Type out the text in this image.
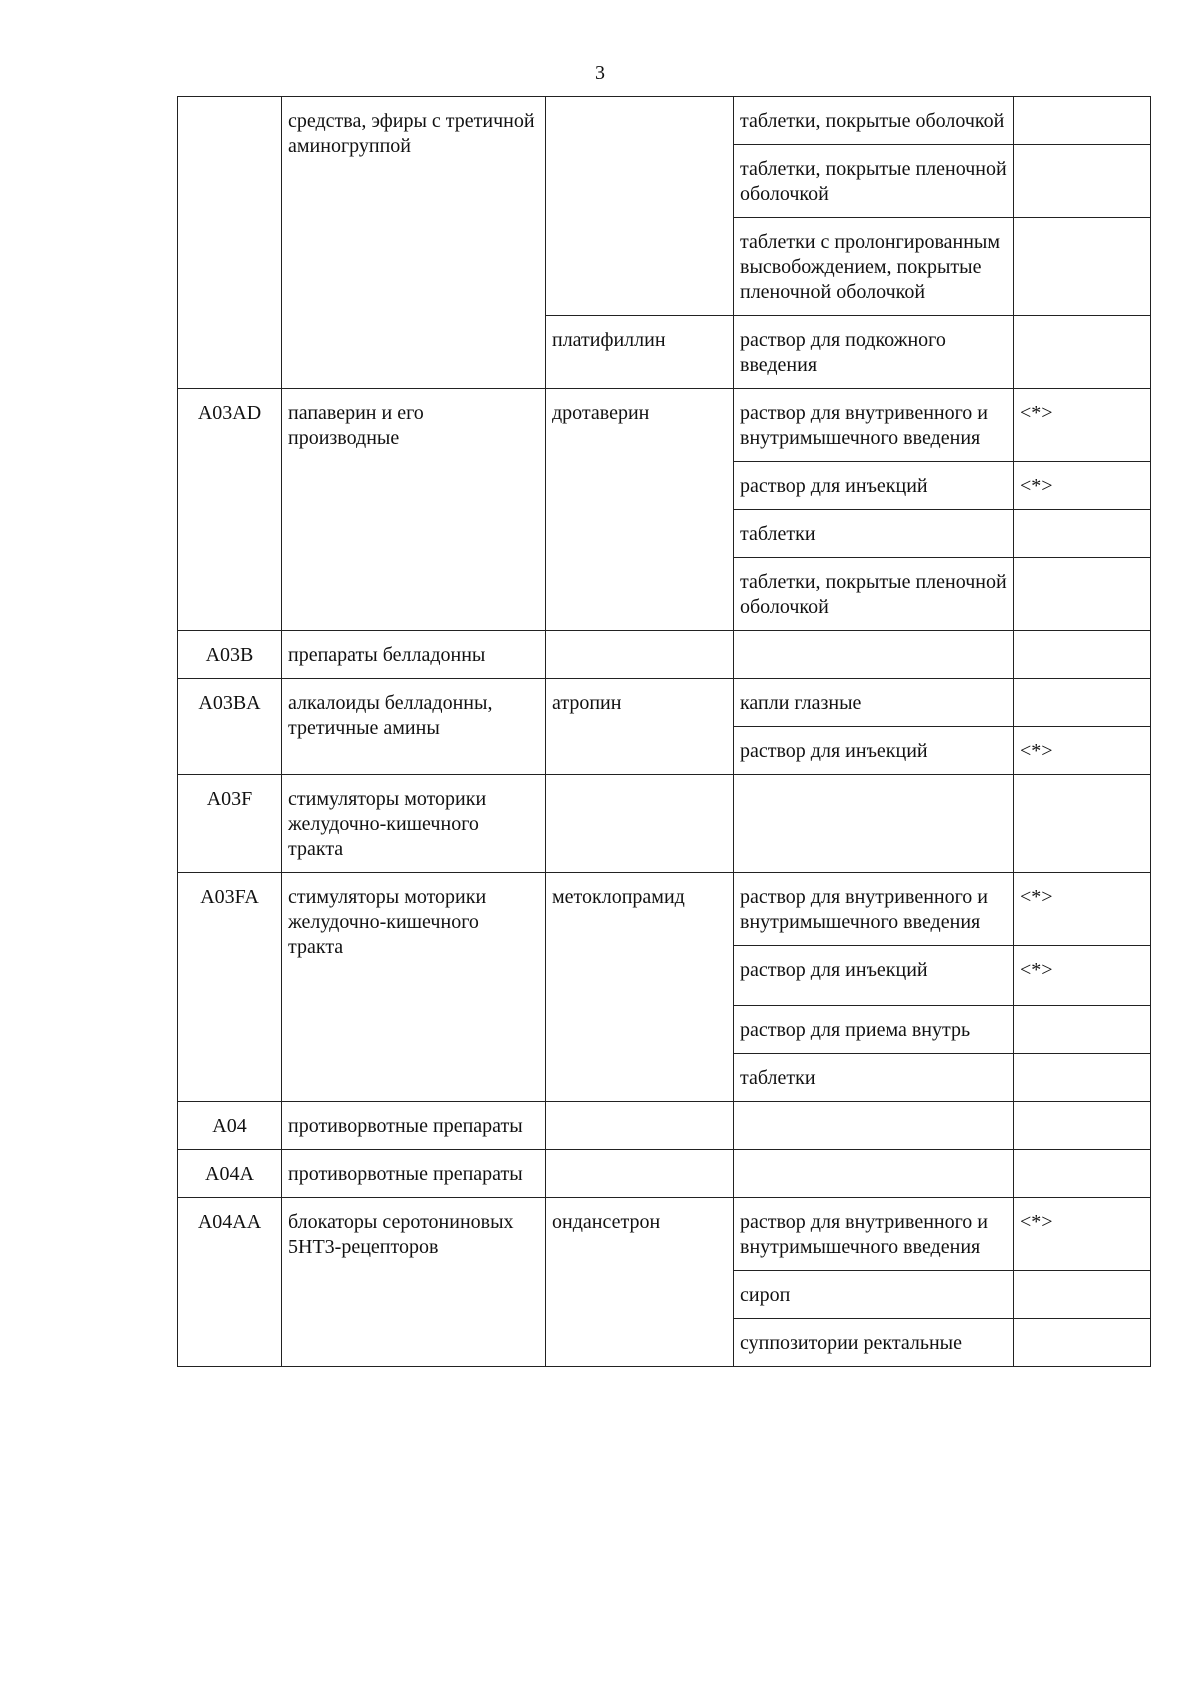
3
	средства, эфиры с третичной аминогруппой		таблетки, покрытые оболочкой	
			таблетки, покрытые пленочной оболочкой	
			таблетки с пролонгированным высвобождением, покрытые пленочной оболочкой	
		платифиллин	раствор для подкожного введения	
A03AD	папаверин и его производные	дротаверин	раствор для внутривенного и внутримышечного введения	<*>
			раствор для инъекций	<*>
			таблетки	
			таблетки, покрытые пленочной оболочкой	
A03B	препараты белладонны			
A03BA	алкалоиды белладонны, третичные амины	атропин	капли глазные	
			раствор для инъекций	<*>
A03F	стимуляторы моторики желудочно-кишечного тракта			
A03FA	стимуляторы моторики желудочно-кишечного тракта	метоклопрамид	раствор для внутривенного и внутримышечного введения	<*>
			раствор для инъекций	<*>
			раствор для приема внутрь	
			таблетки	
A04	противорвотные препараты			
A04A	противорвотные препараты			
A04AA	блокаторы серотониновых 5HT3-рецепторов	ондансетрон	раствор для внутривенного и внутримышечного введения	<*>
			сироп	
			суппозитории ректальные	
